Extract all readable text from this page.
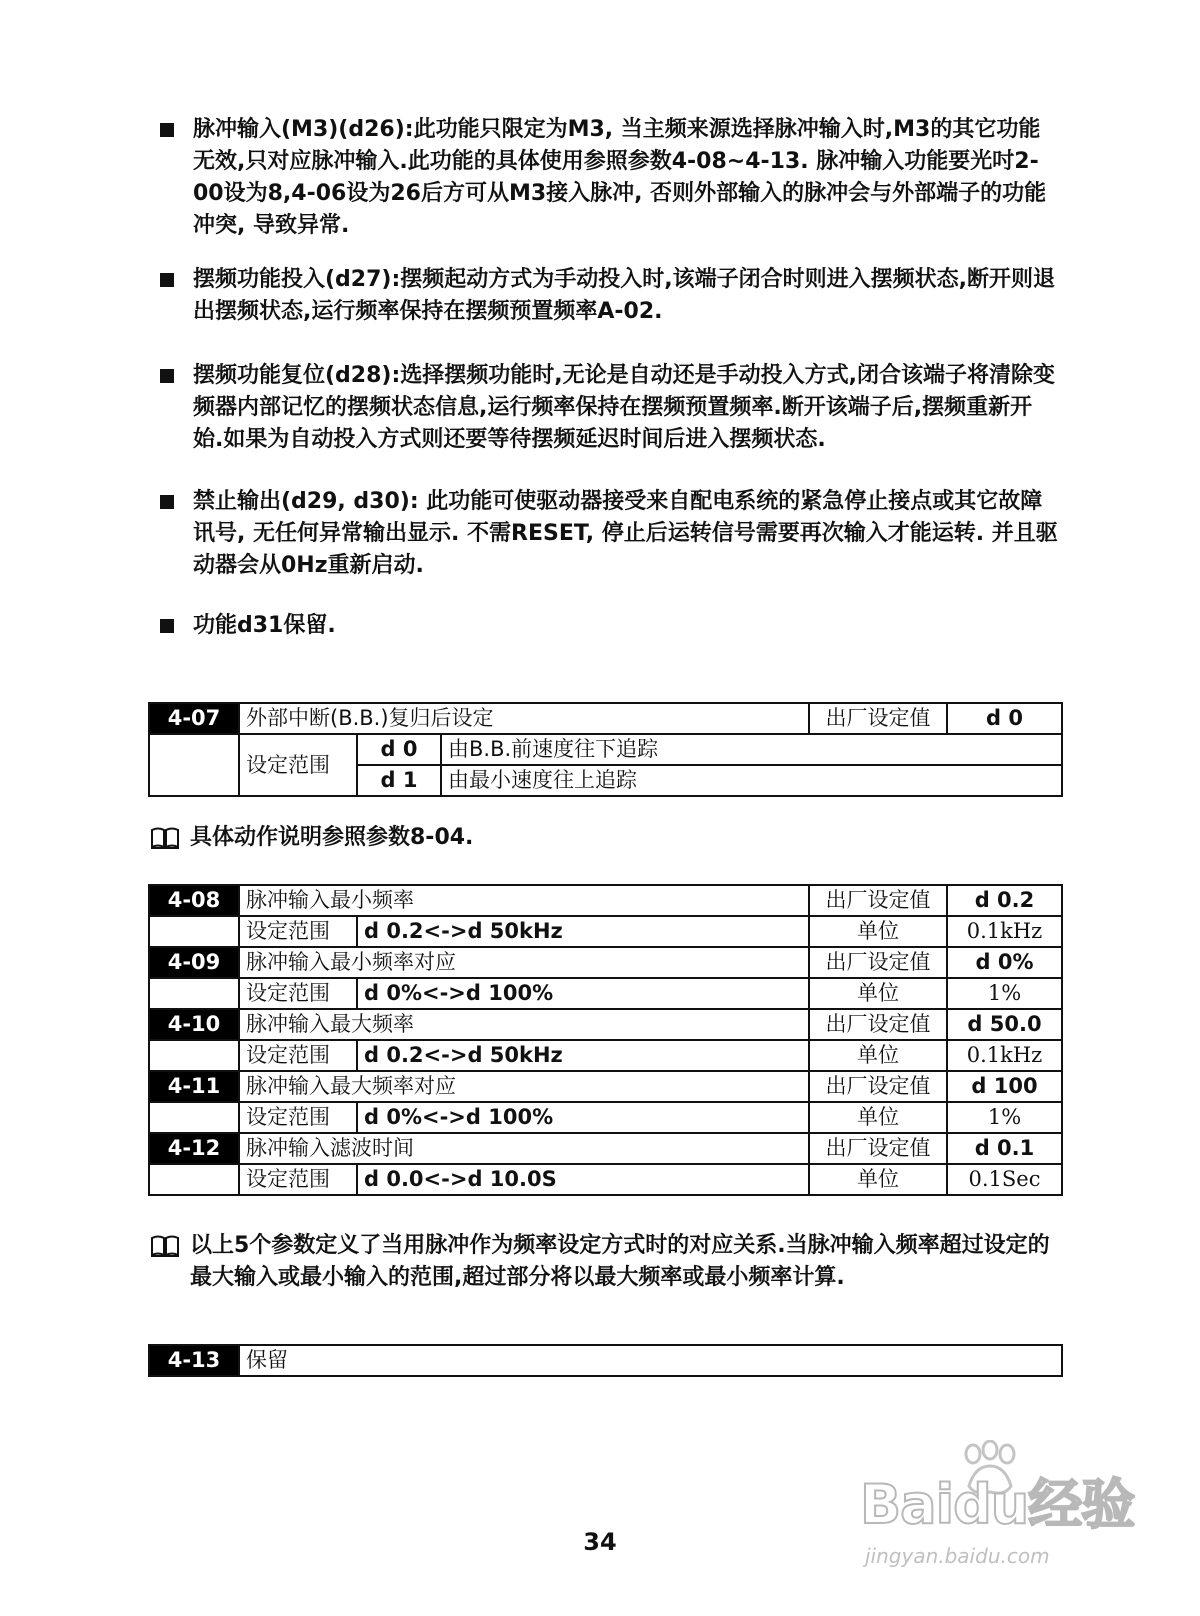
脉冲输入(M3)(d26):此功能只限定为M3, 当主频来源选择脉冲输入时,M3的其它功能无效,只对应脉冲输入.此功能的具体使用参照参数4-08~4-13. 脉冲输入功能要光吋2-00设为8,4-06设为26后方可从M3接入脉冲, 否则外部输入的脉冲会与外部端子的功能冲突, 导致异常.
摆频功能投入(d27):摆频起动方式为手动投入时,该端子闭合时则进入摆频状态,断开则退出摆频状态,运行频率保持在摆频预置频率A-02.
摆频功能复位(d28):选择摆频功能时,无论是自动还是手动投入方式,闭合该端子将清除变频器内部记忆的摆频状态信息,运行频率保持在摆频预置频率.断开该端子后,摆频重新开始.如果为自动投入方式则还要等待摆频延迟时间后进入摆频状态.
禁止输出(d29, d30): 此功能可使驱动器接受来自配电系统的紧急停止接点或其它故障讯号, 无任何异常输出显示. 不需RESET, 停止后运转信号需要再次输入才能运转. 并且驱动器会从0Hz重新启动.
功能d31保留.
4-07	外部中断(B.B.)复归后设定			出厂设定值	d 0
	设定范围	d 0	由B.B.前速度往下追踪		
		d 1	由最小速度往上追踪		
具体动作说明参照参数8-04.
4-08	脉冲输入最小频率		出厂设定值	d 0.2
	设定范围	d 0.2<->d 50kHz	单位	0.1kHz
4-09	脉冲输入最小频率对应		出厂设定值	d 0%
	设定范围	d 0%<->d 100%	单位	1%
4-10	脉冲输入最大频率		出厂设定值	d 50.0
	设定范围	d 0.2<->d 50kHz	单位	0.1kHz
4-11	脉冲输入最大频率对应		出厂设定值	d 100
	设定范围	d 0%<->d 100%	单位	1%
4-12	脉冲输入滤波时间		出厂设定值	d 0.1
	设定范围	d 0.0<->d 10.0S	单位	0.1Sec
以上5个参数定义了当用脉冲作为频率设定方式时的对应关系.当脉冲输入频率超过设定的最大输入或最小输入的范围,超过部分将以最大频率或最小频率计算.
4-13	保留
Baidu经验
jingyan.baidu.com
34
